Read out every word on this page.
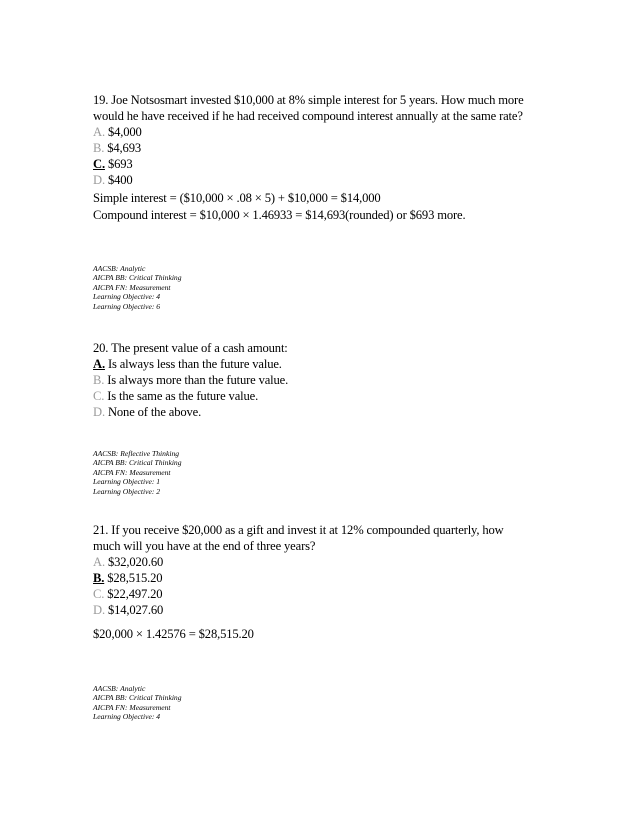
19. Joe Notsosmart invested $10,000 at 8% simple interest for 5 years. How much more

would he have received if he had received compound interest annually at the same rate?

A. $4,000

B. $4,693

C. $693

D. $400

Simple interest = ($10,000 × .08 × 5) + $10,000 = $14,000

Compound interest = $10,000 × 1.46933 = $14,693(rounded) or $693 more.

AACSB: Analytic

AICPA BB: Critical Thinking

AICPA FN: Measurement

Learning Objective: 4

Learning Objective: 6

20. The present value of a cash amount:

A. Is always less than the future value.

B. Is always more than the future value.

C. Is the same as the future value.

D. None of the above.

AACSB: Reflective Thinking

AICPA BB: Critical Thinking

AICPA FN: Measurement

Learning Objective: 1

Learning Objective: 2

21. If you receive $20,000 as a gift and invest it at 12% compounded quarterly, how

much will you have at the end of three years?

A. $32,020.60

B. $28,515.20

C. $22,497.20

D. $14,027.60

$20,000 × 1.42576 = $28,515.20

AACSB: Analytic

AICPA BB: Critical Thinking

AICPA FN: Measurement

Learning Objective: 4
